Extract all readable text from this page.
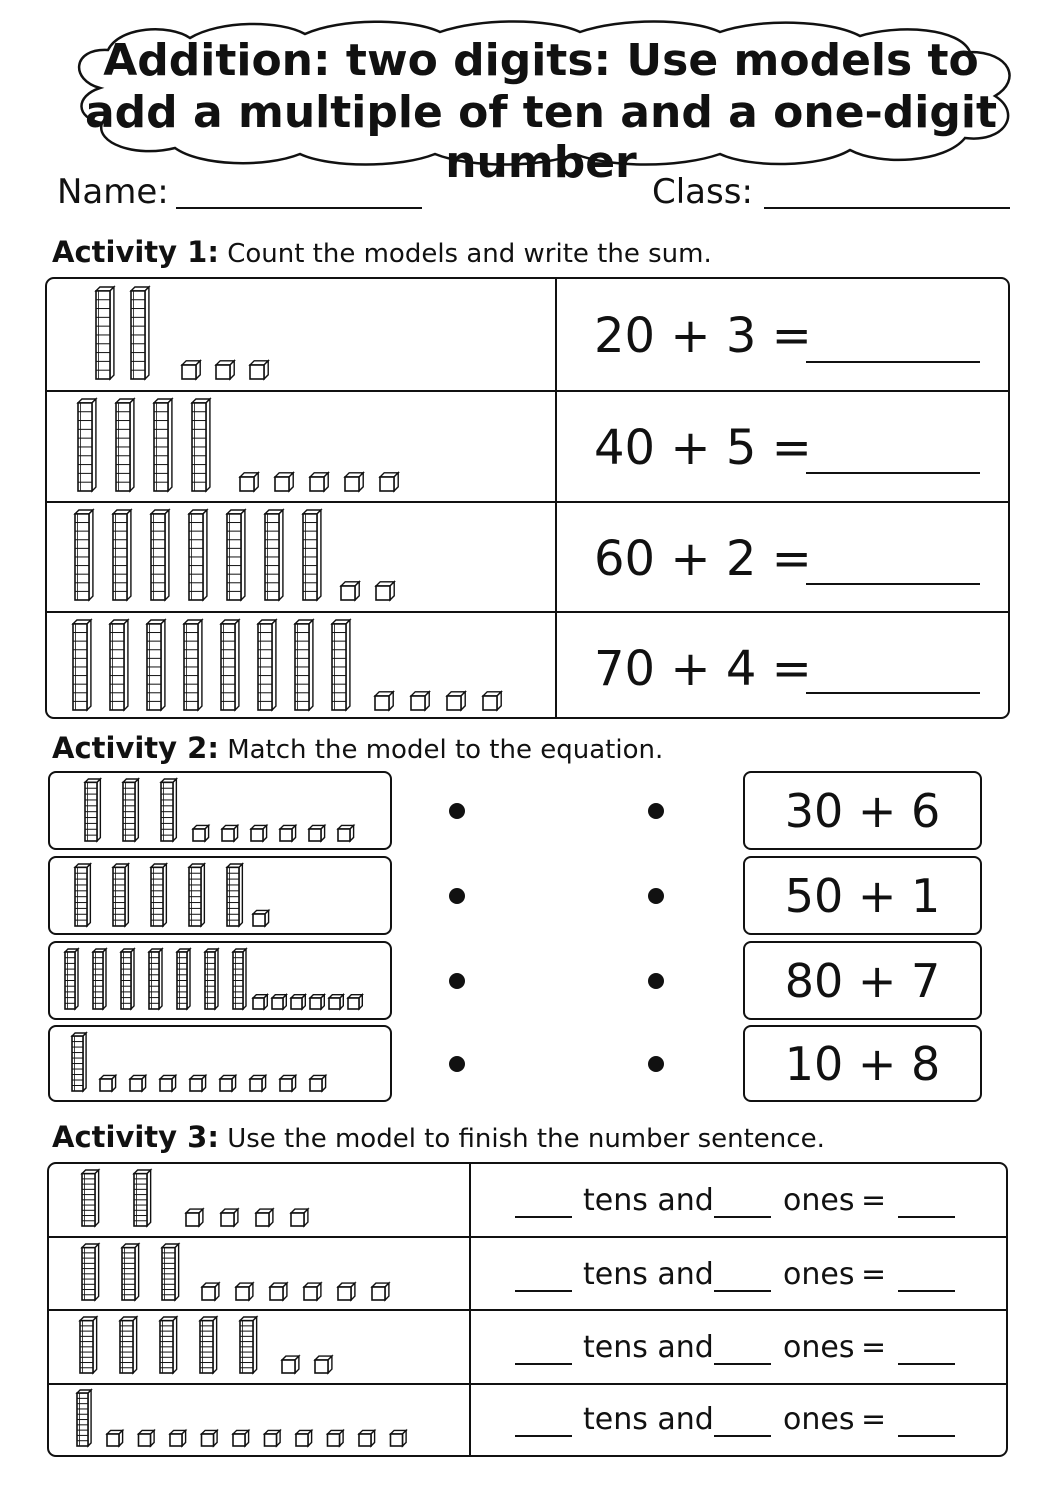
Addition: two digits: Use models to
add a multiple of ten and a one-digit number
Name:	Class:
Activity 1: Count the models and write the sum.
20 + 3 =
40 + 5 =
60 + 2 =
70 + 4 =
Activity 2: Match the model to the equation.
30 + 6
50 + 1
80 + 7
10 + 8
Activity 3: Use the model to finish the number sentence.
tens and ones =
tens and ones =
tens and ones =
tens and ones =
